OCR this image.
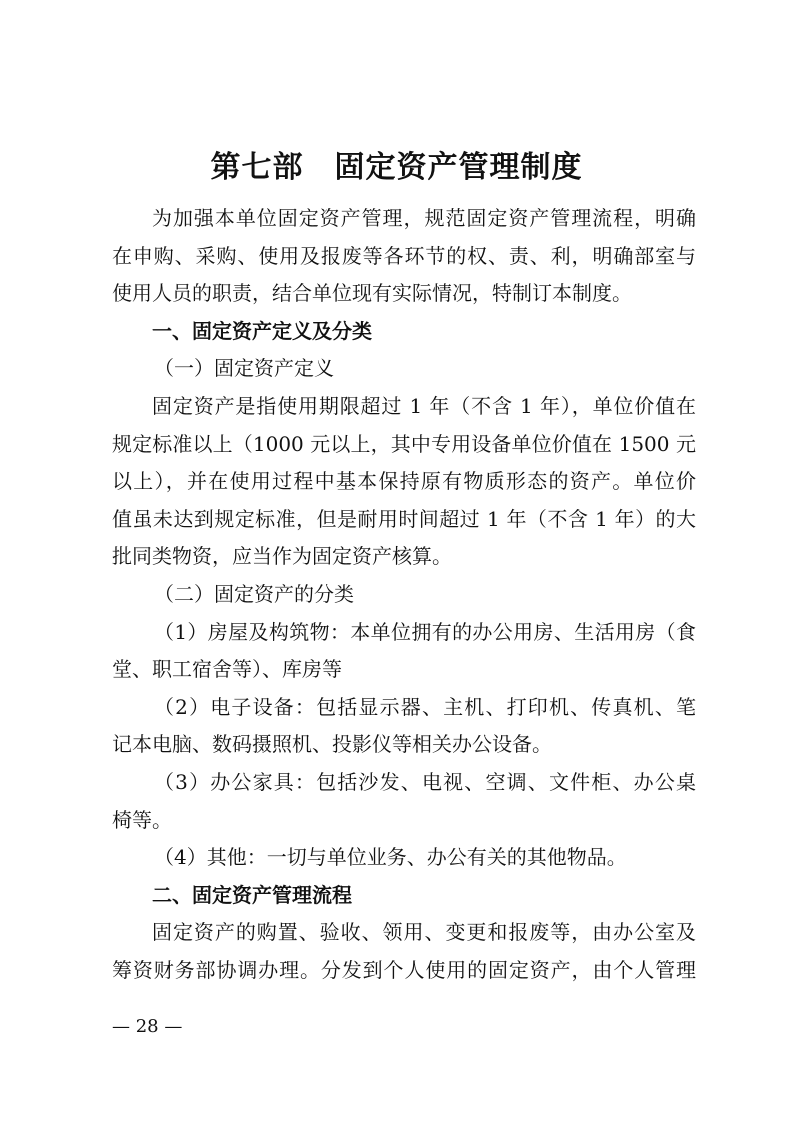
第七部　固定资产管理制度
为加强本单位固定资产管理，规范固定资产管理流程，明确
在申购、采购、使用及报废等各环节的权、责、利，明确部室与
使用人员的职责，结合单位现有实际情况，特制订本制度。
一、固定资产定义及分类
（一）固定资产定义
固定资产是指使用期限超过 1 年（不含 1 年），单位价值在
规定标准以上（1000 元以上，其中专用设备单位价值在 1500 元
以上），并在使用过程中基本保持原有物质形态的资产。单位价
值虽未达到规定标准，但是耐用时间超过 1 年（不含 1 年）的大
批同类物资，应当作为固定资产核算。
（二）固定资产的分类
（1）房屋及构筑物：本单位拥有的办公用房、生活用房（食
堂、职工宿舍等）、库房等
（2）电子设备：包括显示器、主机、打印机、传真机、笔
记本电脑、数码摄照机、投影仪等相关办公设备。
（3）办公家具：包括沙发、电视、空调、文件柜、办公桌
椅等。
（4）其他：一切与单位业务、办公有关的其他物品。
二、固定资产管理流程
固定资产的购置、验收、领用、变更和报废等，由办公室及
筹资财务部协调办理。分发到个人使用的固定资产，由个人管理
— 28 —
